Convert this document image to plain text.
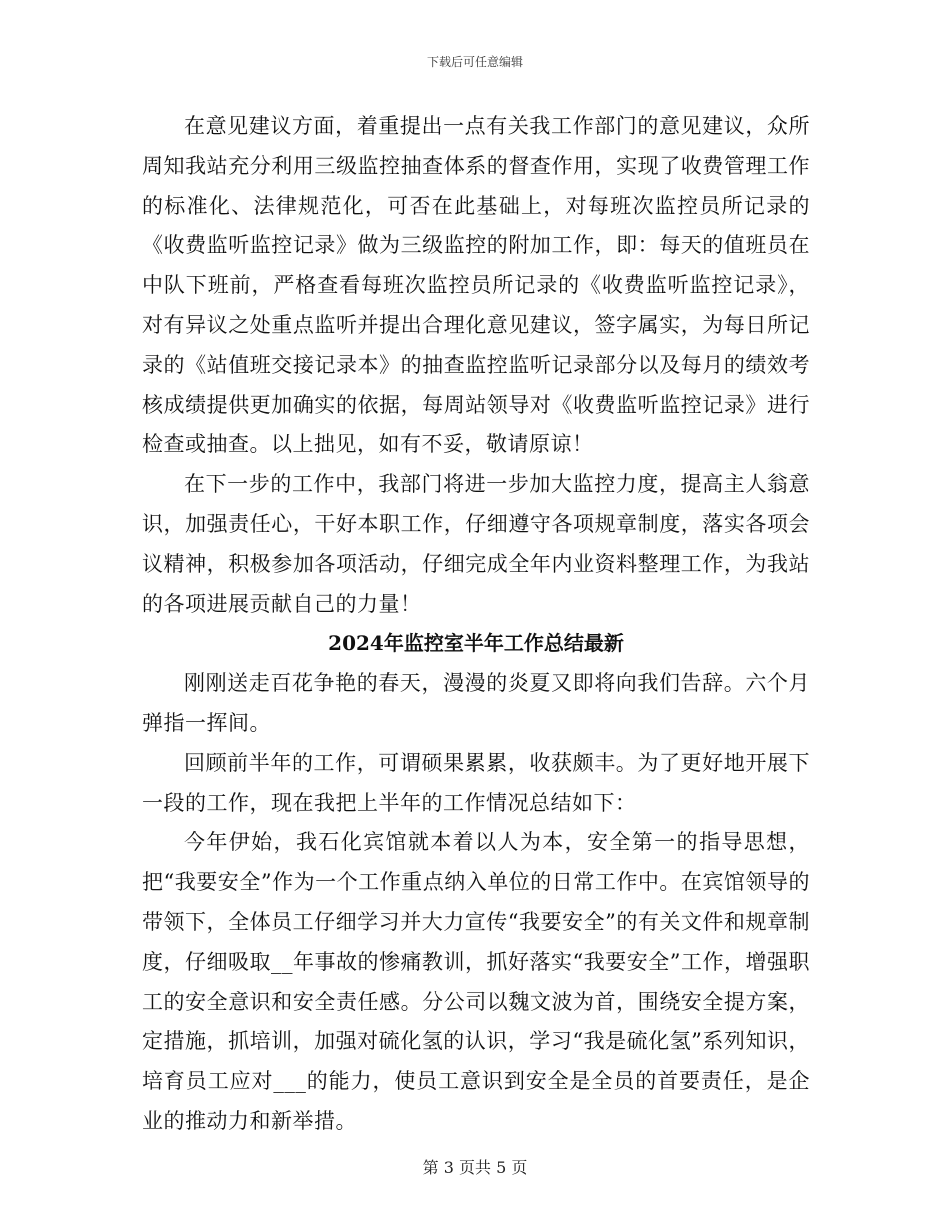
下载后可任意编辑

在意见建议方面，着重提出一点有关我工作部门的意见建议，众所周知我站充分利用三级监控抽查体系的督查作用，实现了收费管理工作的标准化、法律规范化，可否在此基础上，对每班次监控员所记录的《收费监听监控记录》做为三级监控的附加工作，即：每天的值班员在中队下班前，严格查看每班次监控员所记录的《收费监听监控记录》，对有异议之处重点监听并提出合理化意见建议，签字属实，为每日所记录的《站值班交接记录本》的抽查监控监听记录部分以及每月的绩效考核成绩提供更加确实的依据，每周站领导对《收费监听监控记录》进行检查或抽查。以上拙见，如有不妥，敬请原谅！

在下一步的工作中，我部门将进一步加大监控力度，提高主人翁意识，加强责任心，干好本职工作，仔细遵守各项规章制度，落实各项会议精神，积极参加各项活动，仔细完成全年内业资料整理工作，为我站的各项进展贡献自己的力量！

2024年监控室半年工作总结最新

刚刚送走百花争艳的春天，漫漫的炎夏又即将向我们告辞。六个月弹指一挥间。

回顾前半年的工作，可谓硕果累累，收获颇丰。为了更好地开展下一段的工作，现在我把上半年的工作情况总结如下：

今年伊始，我石化宾馆就本着以人为本，安全第一的指导思想，把“我要安全”作为一个工作重点纳入单位的日常工作中。在宾馆领导的带领下，全体员工仔细学习并大力宣传“我要安全”的有关文件和规章制度，仔细吸取__年事故的惨痛教训，抓好落实“我要安全”工作，增强职工的安全意识和安全责任感。分公司以魏文波为首，围绕安全提方案，定措施，抓培训，加强对硫化氢的认识，学习“我是硫化氢”系列知识，培育员工应对___的能力，使员工意识到安全是全员的首要责任，是企业的推动力和新举措。

第 3 页共 5 页
